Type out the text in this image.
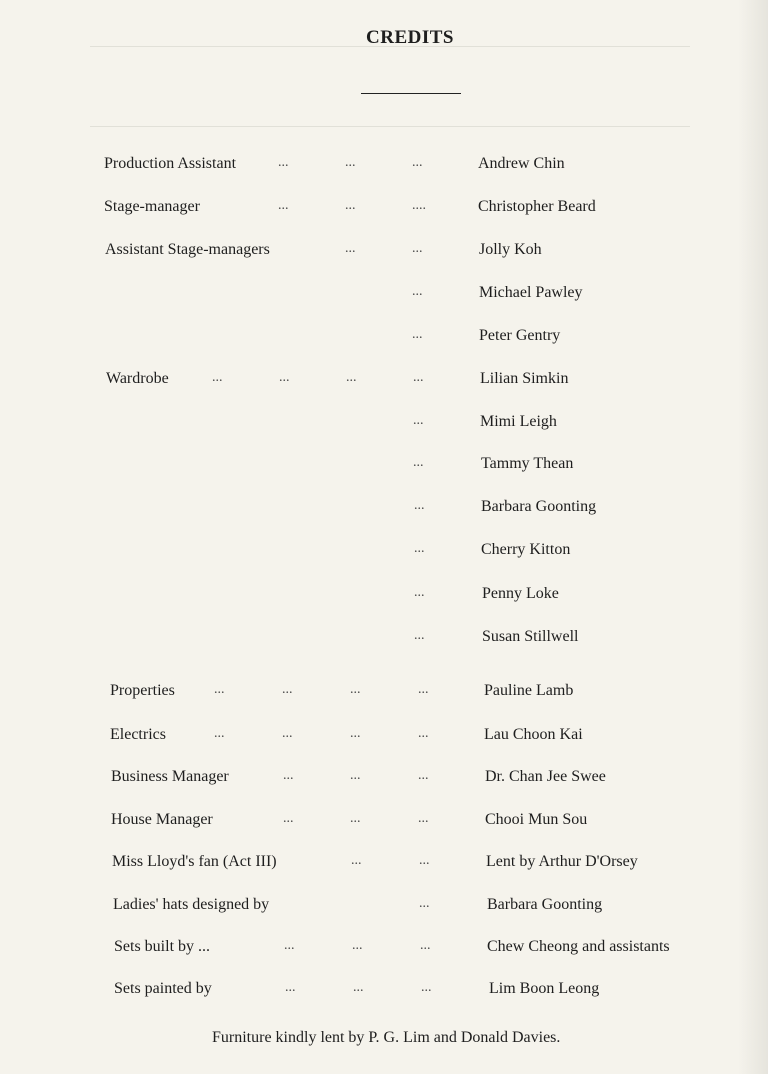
CREDITS
Production Assistant	...	...	...	Andrew Chin
Stage-manager	...	...	....	Christopher Beard
Assistant Stage-managers	...	...	Jolly Koh
...	Michael Pawley
...	Peter Gentry
Wardrobe	...	...	...	...	Lilian Simkin
...	Mimi Leigh
...	Tammy Thean
...	Barbara Goonting
...	Cherry Kitton
...	Penny Loke
...	Susan Stillwell
Properties	...	...	...	...	Pauline Lamb
Electrics	...	...	...	...	Lau Choon Kai
Business Manager	...	...	...	Dr. Chan Jee Swee
House Manager	...	...	...	Chooi Mun Sou
Miss Lloyd's fan (Act III)	...	...	Lent by Arthur D'Orsey
Ladies' hats designed by	...	Barbara Goonting
Sets built by ...	...	...	...	Chew Cheong and assistants
Sets painted by	...	...	...	Lim Boon Leong
Furniture kindly lent by P. G. Lim and Donald Davies.
